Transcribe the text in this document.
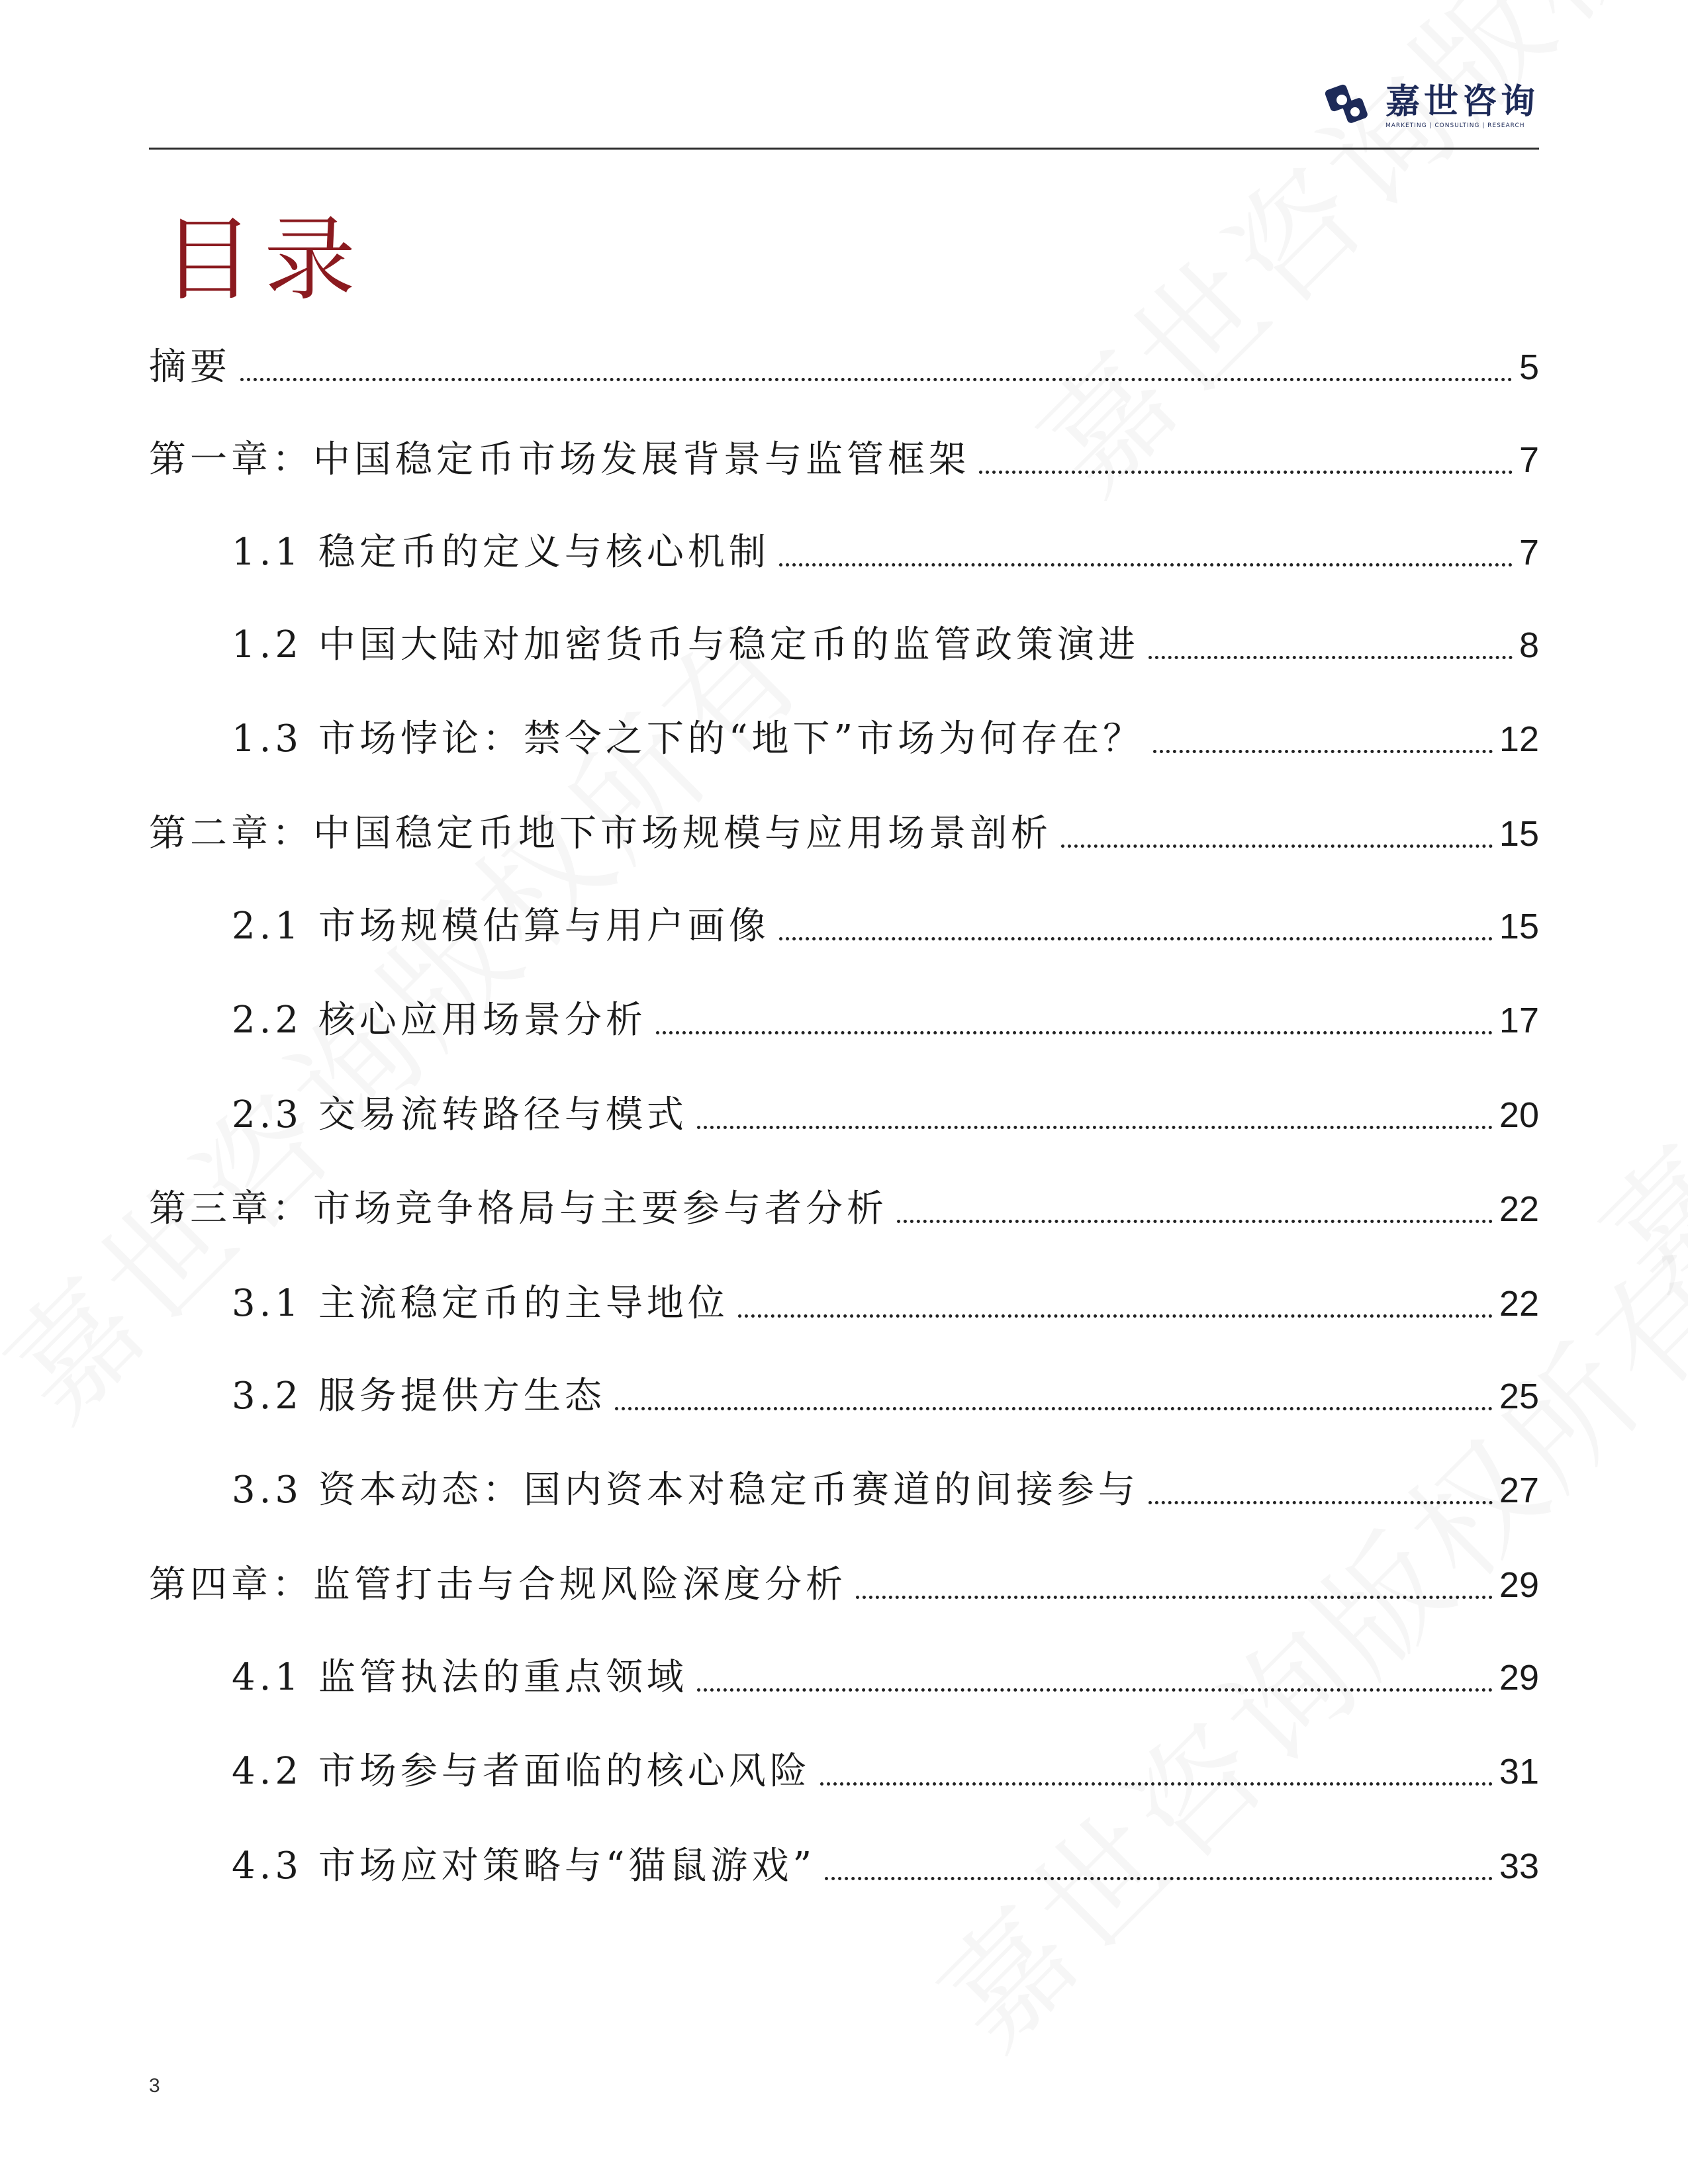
嘉世咨询
MARKETING | CONSULTING | RESEARCH
目录
摘要	5
第一章：中国稳定币市场发展背景与监管框架	7
1.1 稳定币的定义与核心机制	7
1.2 中国大陆对加密货币与稳定币的监管政策演进	8
1.3 市场悖论：禁令之下的“地下”市场为何存在？	12
第二章：中国稳定币地下市场规模与应用场景剖析	15
2.1 市场规模估算与用户画像	15
2.2 核心应用场景分析	17
2.3 交易流转路径与模式	20
第三章：市场竞争格局与主要参与者分析	22
3.1 主流稳定币的主导地位	22
3.2 服务提供方生态	25
3.3 资本动态：国内资本对稳定币赛道的间接参与	27
第四章：监管打击与合规风险深度分析	29
4.1 监管执法的重点领域	29
4.2 市场参与者面临的核心风险	31
4.3 市场应对策略与“猫鼠游戏”	33
3
